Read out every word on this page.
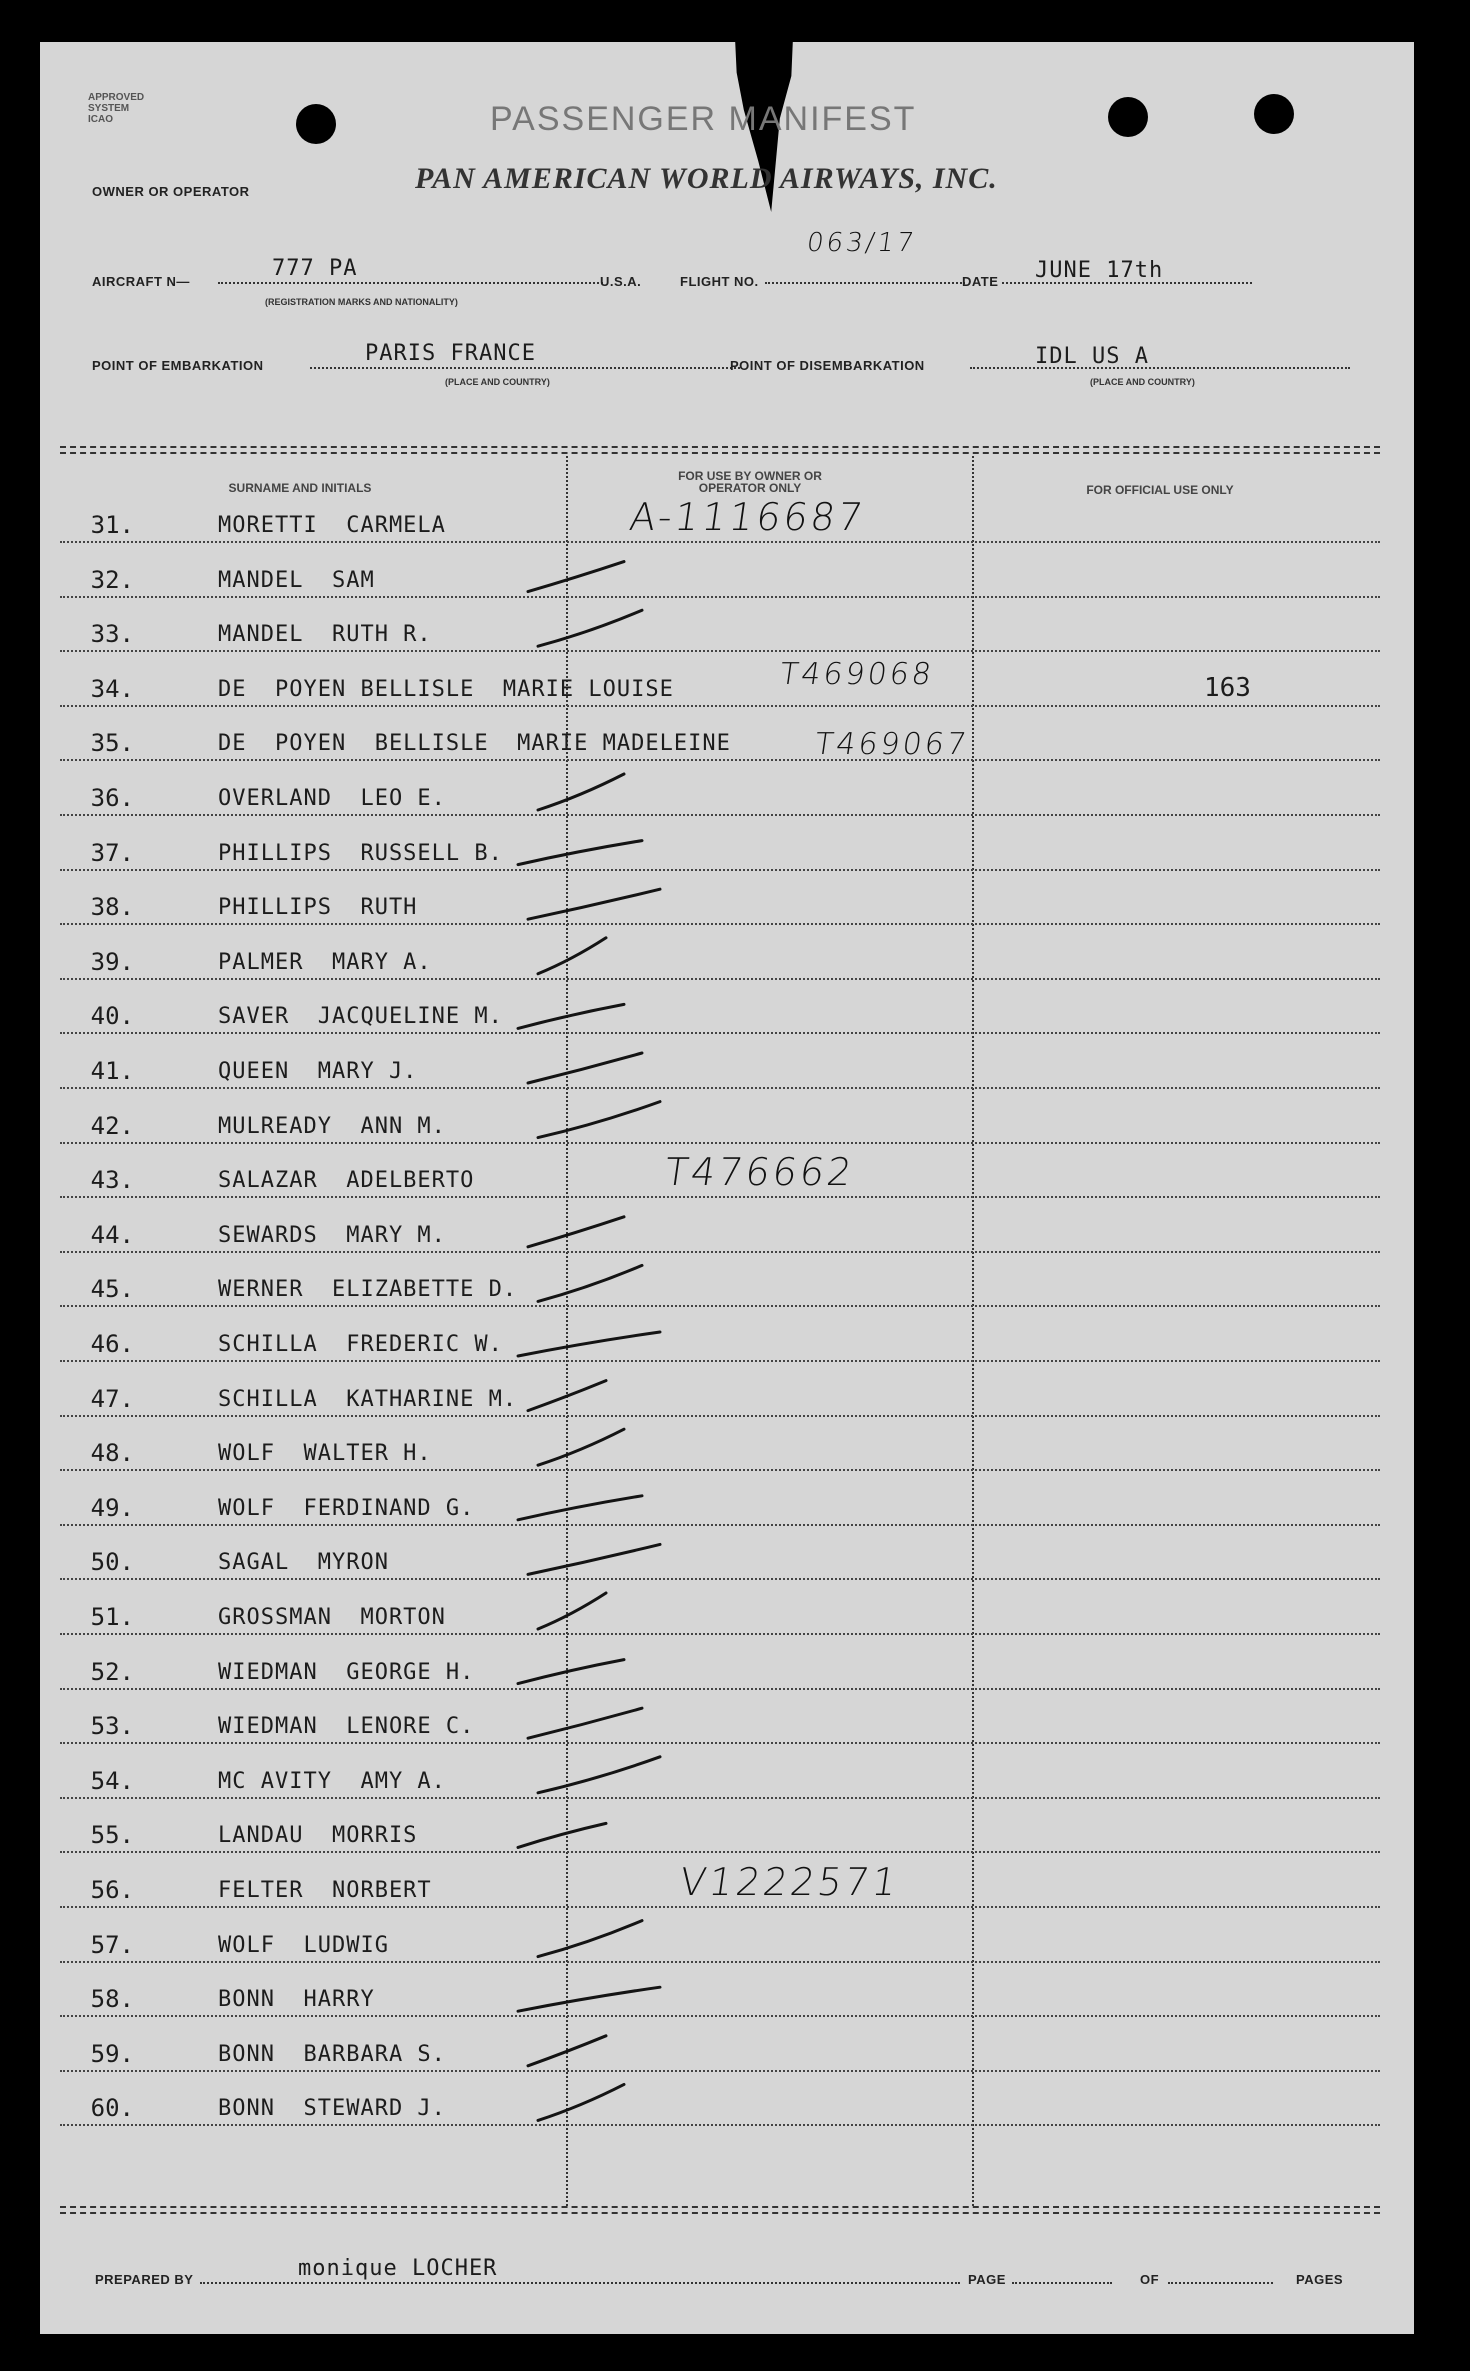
APPROVED
SYSTEM
ICAO	PASSENGER MANIFEST
OWNER OR OPERATOR	PAN AMERICAN WORLD AIRWAYS, INC.
AIRCRAFT N—
777 PA
(REGISTRATION MARKS AND NATIONALITY)
U.S.A.	FLIGHT NO.
063/17
DATE JUNE 17th
POINT OF EMBARKATION	PARIS FRANCE
(PLACE AND COUNTRY)
POINT OF DISEMBARKATION	IDL US A
(PLACE AND COUNTRY)
SURNAME AND INITIALS
FOR USE BY OWNER OR OPERATOR ONLY	FOR OFFICIAL USE ONLY
31.	MORETTI  CARMELA	A-1116687
32.	MANDEL  SAM
33.	MANDEL  RUTH R.
34.	DE  POYEN BELLISLE  MARIE LOUISE	T469068	163
35.	DE  POYEN  BELLISLE  MARIE MADELEINE	T469067
36.	OVERLAND  LEO E.
37.	PHILLIPS  RUSSELL B.
38.	PHILLIPS  RUTH
39.	PALMER  MARY A.
40.	SAVER  JACQUELINE M.
41.	QUEEN  MARY J.
42.	MULREADY  ANN M.
43.	SALAZAR  ADELBERTO	T476662
44.	SEWARDS  MARY M.
45.	WERNER  ELIZABETTE D.
46.	SCHILLA  FREDERIC W.
47.	SCHILLA  KATHARINE M.
48.	WOLF  WALTER H.
49.	WOLF  FERDINAND G.
50.	SAGAL  MYRON
51.	GROSSMAN  MORTON
52.	WIEDMAN  GEORGE H.
53.	WIEDMAN  LENORE C.
54.	MC AVITY  AMY A.
55.	LANDAU  MORRIS
56.	FELTER  NORBERT	V1222571
57.	WOLF  LUDWIG
58.	BONN  HARRY
59.	BONN  BARBARA S.
60.	BONN  STEWARD J.
PREPARED BY	monique LOCHER	PAGE	OF	PAGES
